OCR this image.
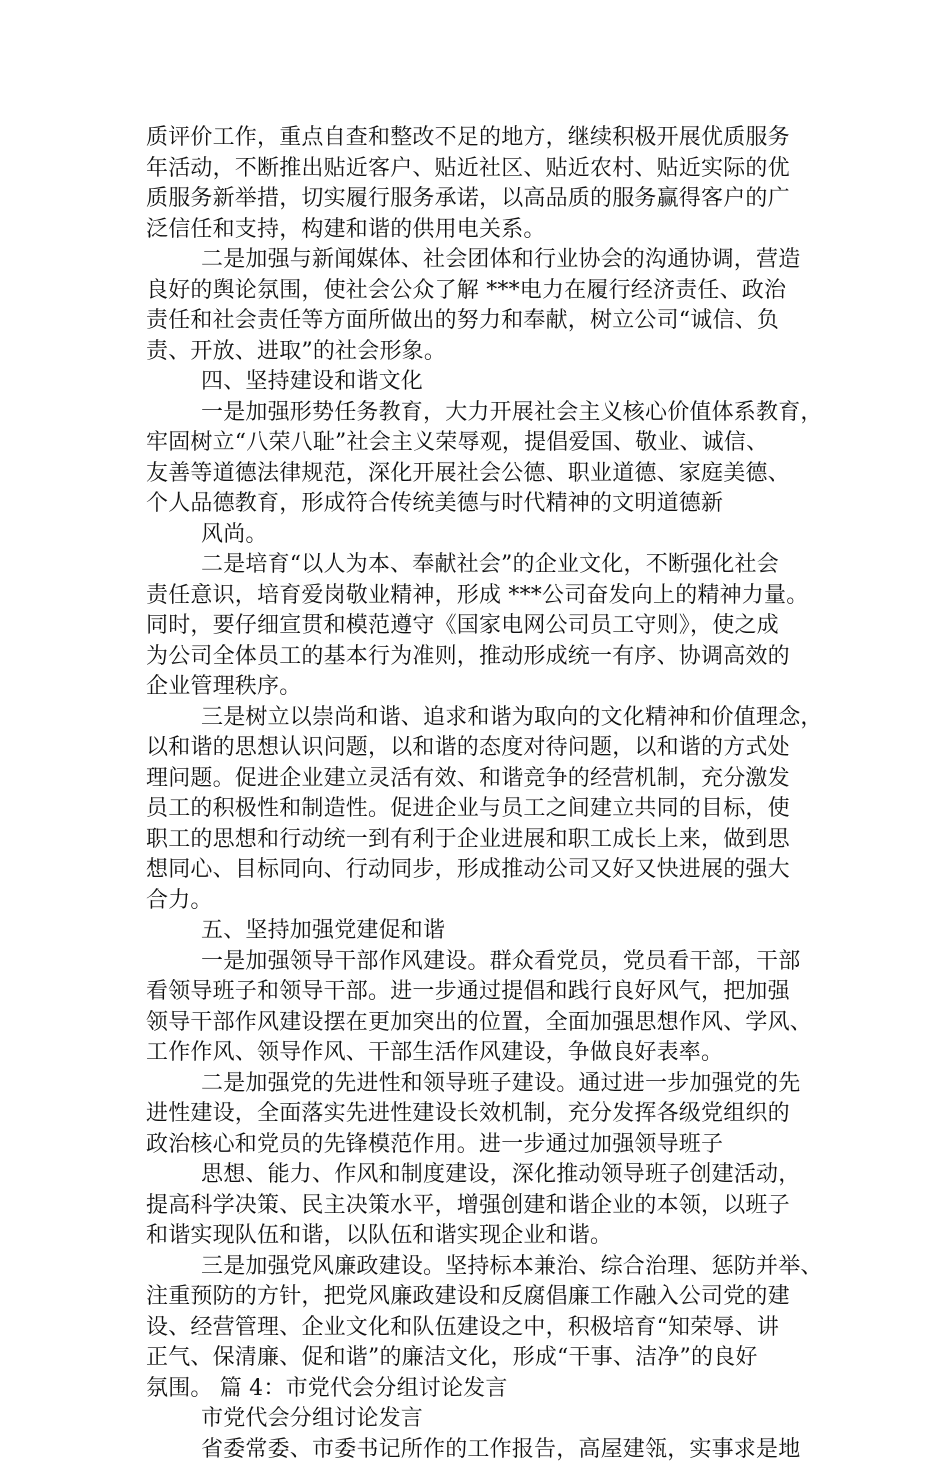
质评价工作，重点自查和整改不足的地方，继续积极开展优质服务
年活动，不断推出贴近客户、贴近社区、贴近农村、贴近实际的优
质服务新举措，切实履行服务承诺，以高品质的服务赢得客户的广
泛信任和支持，构建和谐的供用电关系。
二是加强与新闻媒体、社会团体和行业协会的沟通协调，营造
良好的舆论氛围，使社会公众了解 ***电力在履行经济责任、政治
责任和社会责任等方面所做出的努力和奉献，树立公司“诚信、负
责、开放、进取”的社会形象。
四、坚持建设和谐文化
一是加强形势任务教育，大力开展社会主义核心价值体系教育，
牢固树立“八荣八耻”社会主义荣辱观，提倡爱国、敬业、诚信、
友善等道德法律规范，深化开展社会公德、职业道德、家庭美德、
个人品德教育，形成符合传统美德与时代精神的文明道德新
风尚。
二是培育“以人为本、奉献社会”的企业文化，不断强化社会
责任意识，培育爱岗敬业精神，形成 ***公司奋发向上的精神力量。
同时，要仔细宣贯和模范遵守《国家电网公司员工守则》，使之成
为公司全体员工的基本行为准则，推动形成统一有序、协调高效的
企业管理秩序。
三是树立以崇尚和谐、追求和谐为取向的文化精神和价值理念，
以和谐的思想认识问题，以和谐的态度对待问题，以和谐的方式处
理问题。促进企业建立灵活有效、和谐竞争的经营机制，充分激发
员工的积极性和制造性。促进企业与员工之间建立共同的目标，使
职工的思想和行动统一到有利于企业进展和职工成长上来，做到思
想同心、目标同向、行动同步，形成推动公司又好又快进展的强大
合力。
五、坚持加强党建促和谐
一是加强领导干部作风建设。群众看党员，党员看干部，干部
看领导班子和领导干部。进一步通过提倡和践行良好风气，把加强
领导干部作风建设摆在更加突出的位置，全面加强思想作风、学风、
工作作风、领导作风、干部生活作风建设，争做良好表率。
二是加强党的先进性和领导班子建设。通过进一步加强党的先
进性建设，全面落实先进性建设长效机制，充分发挥各级党组织的
政治核心和党员的先锋模范作用。进一步通过加强领导班子
思想、能力、作风和制度建设，深化推动领导班子创建活动，
提高科学决策、民主决策水平，增强创建和谐企业的本领，以班子
和谐实现队伍和谐，以队伍和谐实现企业和谐。
三是加强党风廉政建设。坚持标本兼治、综合治理、惩防并举、
注重预防的方针，把党风廉政建设和反腐倡廉工作融入公司党的建
设、经营管理、企业文化和队伍建设之中，积极培育“知荣辱、讲
正气、保清廉、促和谐”的廉洁文化，形成“干事、洁净”的良好
氛围。 篇 4：市党代会分组讨论发言
市党代会分组讨论发言
省委常委、市委书记所作的工作报告，高屋建瓴，实事求是地
